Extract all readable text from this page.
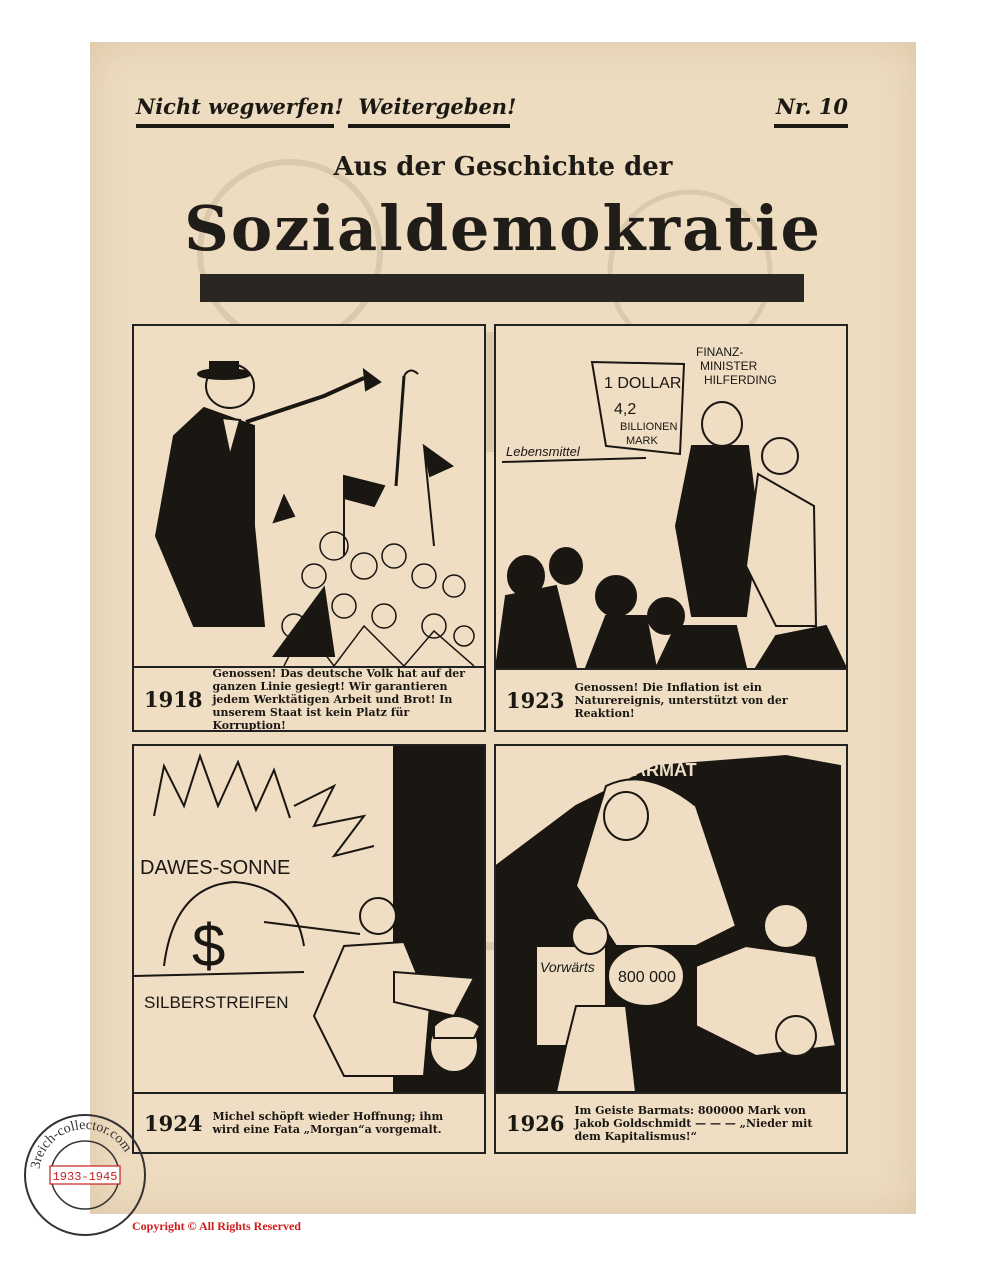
Nicht wegwerfen! Weitergeben!	Nr. 10
Aus der Geschichte der
Sozialdemokratie
1918
Genossen! Das deutsche Volk hat auf der ganzen Linie gesiegt! Wir garantieren jedem Werktätigen Arbeit und Brot! In unserem Staat ist kein Platz für Korruption!
1 DOLLAR
4,2
BILLIONEN
MARK
FINANZ-
MINISTER
HILFERDING
Lebensmittel
1923
Genossen! Die Inflation ist ein Naturereignis, unterstützt von der Reaktion!
DAWES-SONNE
$
SILBERSTREIFEN
1924 Michel schöpft wieder Hoffnung; ihm wird eine Fata „Morgan“a vorgemalt.
BARMAT
Vorwärts
800 000
1926
Im Geiste Barmats: 800000 Mark von Jakob Goldschmidt — — — „Nieder mit dem Kapitalismus!“
3reich-collector.com
1933-1945
Copyright © All Rights Reserved
